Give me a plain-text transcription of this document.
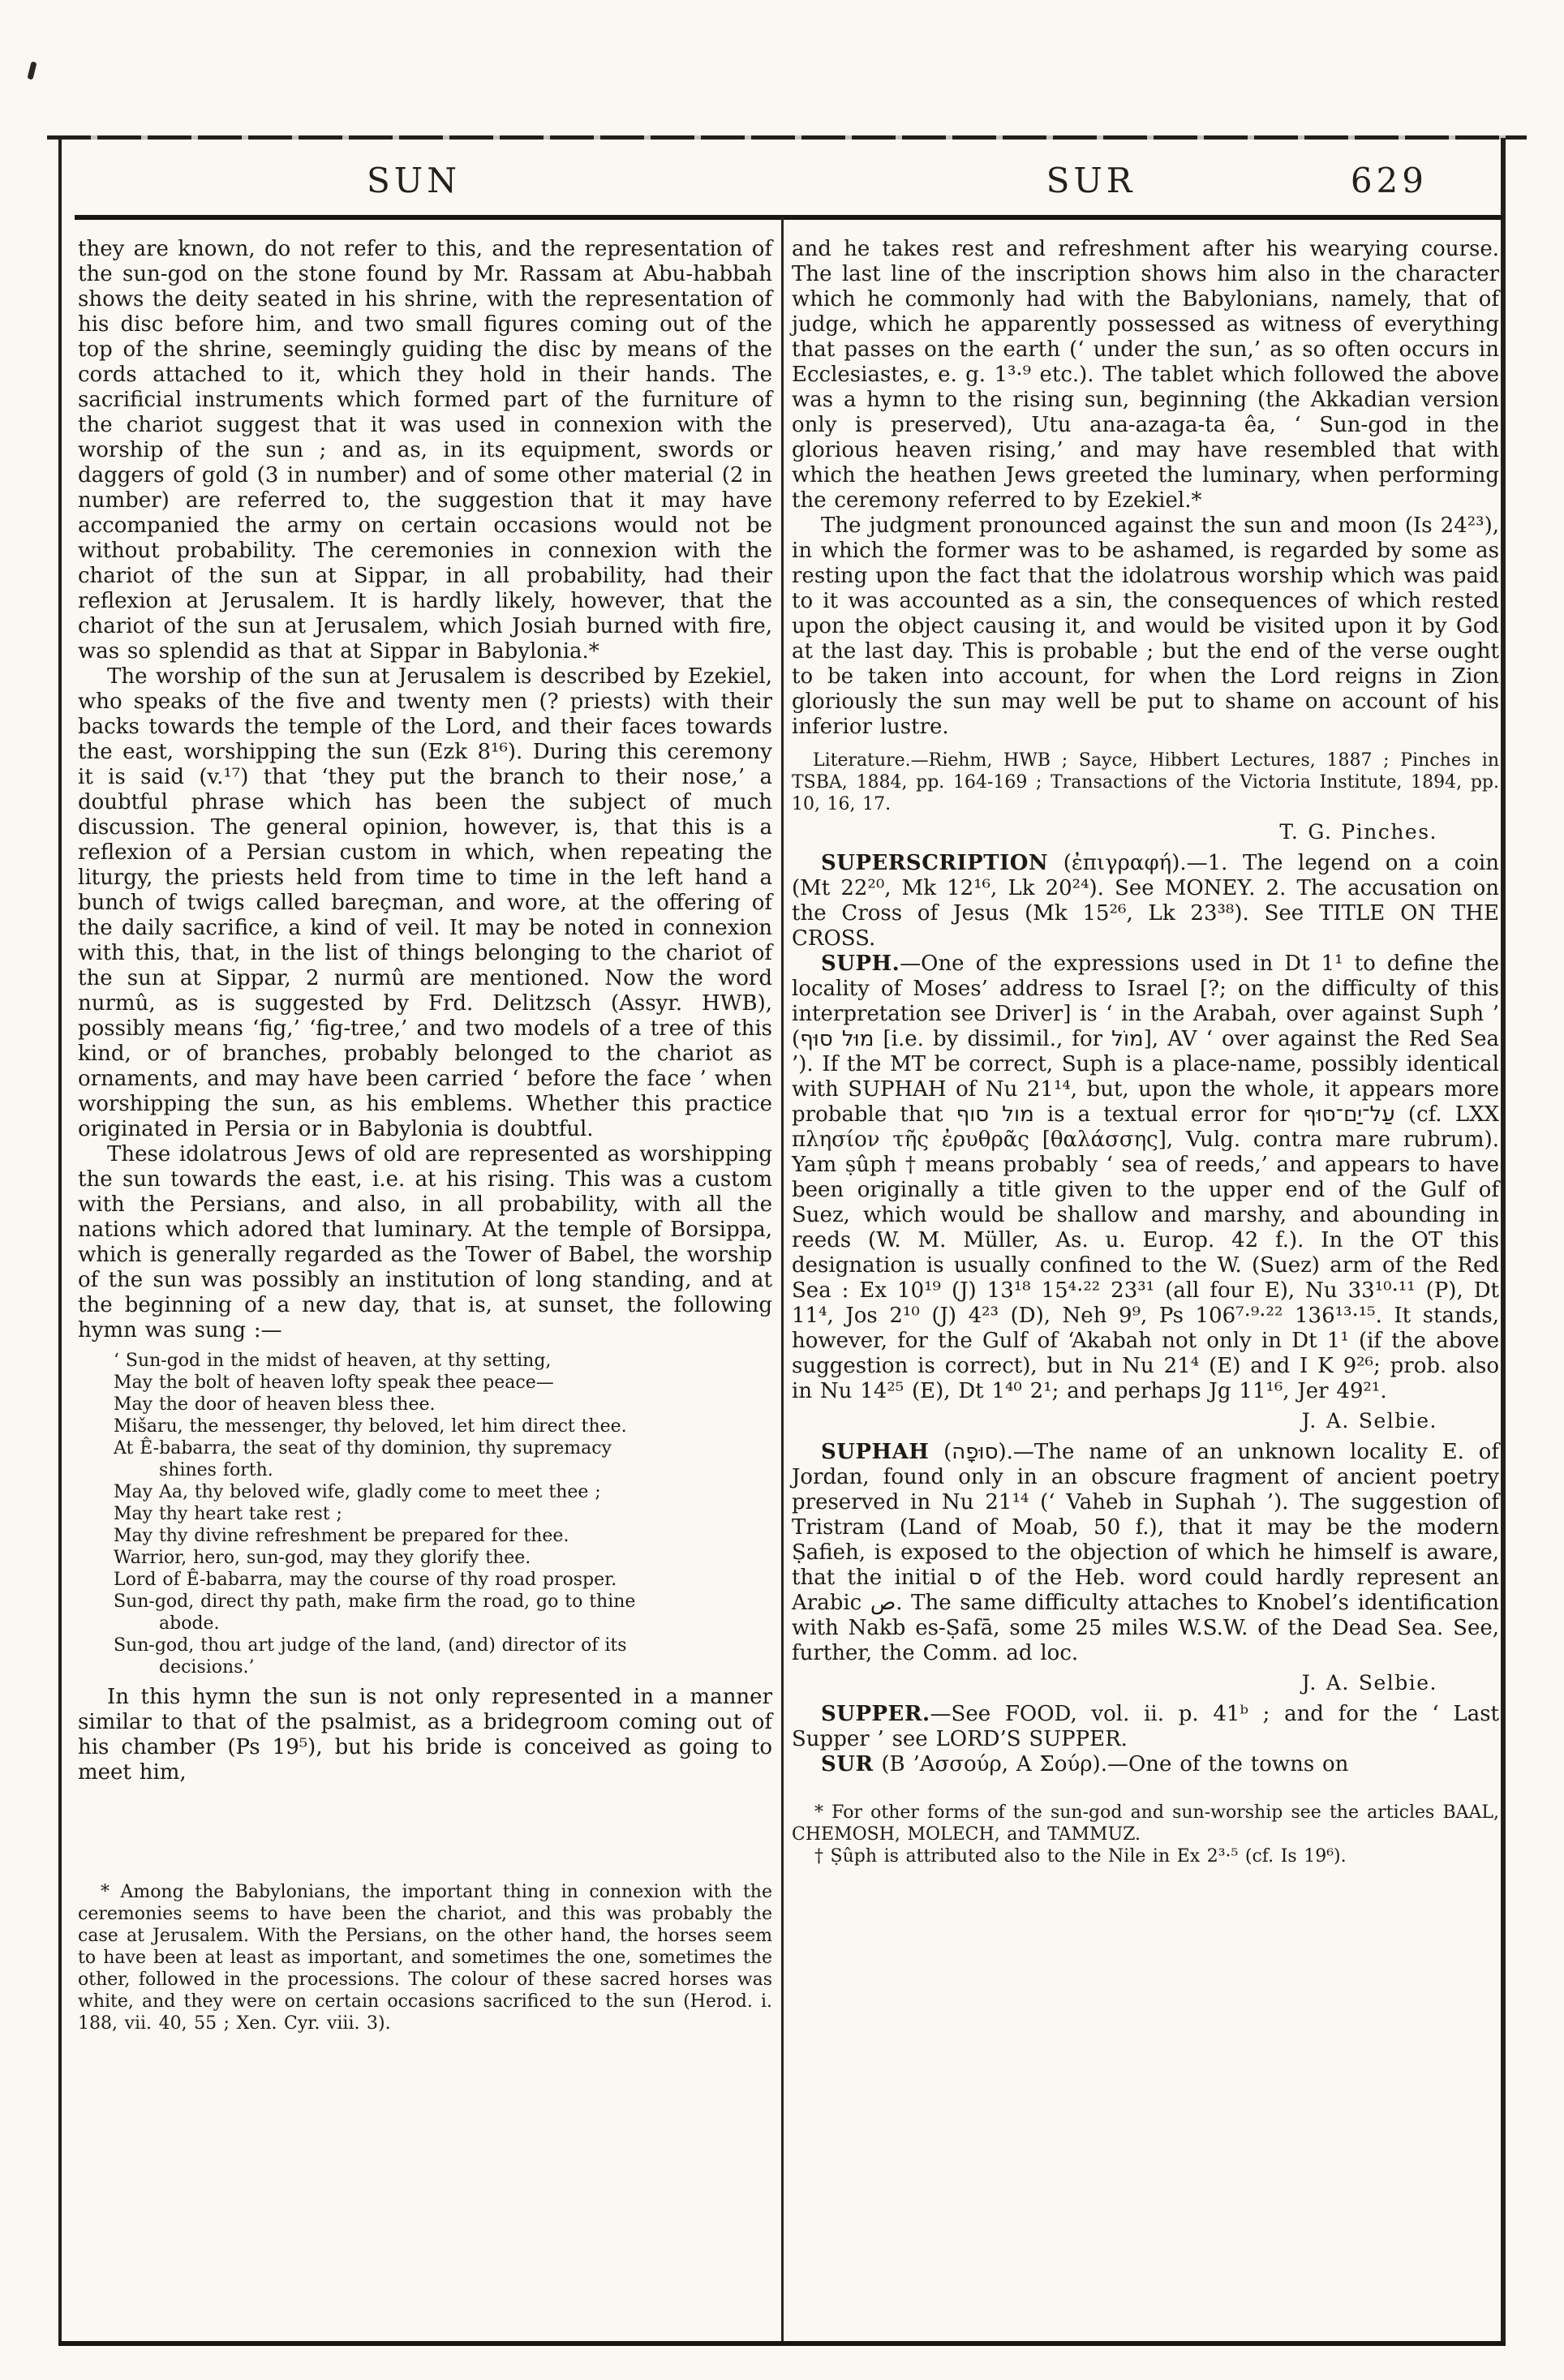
SUN	SUR	629

they are known, do not refer to this, and the representation of the sun-god on the stone found by Mr. Rassam at Abu-habbah shows the deity seated in his shrine, with the representation of his disc before him, and two small figures coming out of the top of the shrine, seemingly guiding the disc by means of the cords attached to it, which they hold in their hands. The sacrificial instruments which formed part of the furniture of the chariot suggest that it was used in connexion with the worship of the sun ; and as, in its equipment, swords or daggers of gold (3 in number) and of some other material (2 in number) are referred to, the suggestion that it may have accompanied the army on certain occasions would not be without probability. The ceremonies in connexion with the chariot of the sun at Sippar, in all probability, had their reflexion at Jerusalem. It is hardly likely, however, that the chariot of the sun at Jerusalem, which Josiah burned with fire, was so splendid as that at Sippar in Babylonia.*

The worship of the sun at Jerusalem is described by Ezekiel, who speaks of the five and twenty men (? priests) with their backs towards the temple of the Lord, and their faces towards the east, worshipping the sun (Ezk 8¹⁶). During this ceremony it is said (v.¹⁷) that ‘they put the branch to their nose,’ a doubtful phrase which has been the subject of much discussion. The general opinion, however, is, that this is a reflexion of a Persian custom in which, when repeating the liturgy, the priests held from time to time in the left hand a bunch of twigs called bareçman, and wore, at the offering of the daily sacrifice, a kind of veil. It may be noted in connexion with this, that, in the list of things belonging to the chariot of the sun at Sippar, 2 nurmû are mentioned. Now the word nurmû, as is suggested by Frd. Delitzsch (Assyr. HWB), possibly means ‘fig,’ ‘fig-tree,’ and two models of a tree of this kind, or of branches, probably belonged to the chariot as ornaments, and may have been carried ‘ before the face ’ when worshipping the sun, as his emblems. Whether this practice originated in Persia or in Babylonia is doubtful.

These idolatrous Jews of old are represented as worshipping the sun towards the east, i.e. at his rising. This was a custom with the Persians, and also, in all probability, with all the nations which adored that luminary. At the temple of Borsippa, which is generally regarded as the Tower of Babel, the worship of the sun was possibly an institution of long standing, and at the beginning of a new day, that is, at sunset, the following hymn was sung :—

‘ Sun-god in the midst of heaven, at thy setting,
May the bolt of heaven lofty speak thee peace—
May the door of heaven bless thee.
Mišaru, the messenger, thy beloved, let him direct thee.
At Ê-babarra, the seat of thy dominion, thy supremacy
shines forth.
May Aa, thy beloved wife, gladly come to meet thee ;
May thy heart take rest ;
May thy divine refreshment be prepared for thee.
Warrior, hero, sun-god, may they glorify thee.
Lord of Ê-babarra, may the course of thy road prosper.
Sun-god, direct thy path, make firm the road, go to thine
abode.
Sun-god, thou art judge of the land, (and) director of its
decisions.’

In this hymn the sun is not only represented in a manner similar to that of the psalmist, as a bridegroom coming out of his chamber (Ps 19⁵), but his bride is conceived as going to meet him,

* Among the Babylonians, the important thing in connexion with the ceremonies seems to have been the chariot, and this was probably the case at Jerusalem. With the Persians, on the other hand, the horses seem to have been at least as important, and sometimes the one, sometimes the other, followed in the processions. The colour of these sacred horses was white, and they were on certain occasions sacrificed to the sun (Herod. i. 188, vii. 40, 55 ; Xen. Cyr. viii. 3).

and he takes rest and refreshment after his wearying course. The last line of the inscription shows him also in the character which he commonly had with the Babylonians, namely, that of judge, which he apparently possessed as witness of everything that passes on the earth (‘ under the sun,’ as so often occurs in Ecclesiastes, e. g. 1³·⁹ etc.). The tablet which followed the above was a hymn to the rising sun, beginning (the Akkadian version only is preserved), Utu ana-azaga-ta êa, ‘ Sun-god in the glorious heaven rising,’ and may have resembled that with which the heathen Jews greeted the luminary, when performing the ceremony referred to by Ezekiel.*

The judgment pronounced against the sun and moon (Is 24²³), in which the former was to be ashamed, is regarded by some as resting upon the fact that the idolatrous worship which was paid to it was accounted as a sin, the consequences of which rested upon the object causing it, and would be visited upon it by God at the last day. This is probable ; but the end of the verse ought to be taken into account, for when the Lord reigns in Zion gloriously the sun may well be put to shame on account of his inferior lustre.

Literature.—Riehm, HWB ; Sayce, Hibbert Lectures, 1887 ; Pinches in TSBA, 1884, pp. 164-169 ; Transactions of the Victoria Institute, 1894, pp. 10, 16, 17.

T. G. Pinches.

SUPERSCRIPTION (ἐπιγραφή).—1. The legend on a coin (Mt 22²⁰, Mk 12¹⁶, Lk 20²⁴). See MONEY. 2. The accusation on the Cross of Jesus (Mk 15²⁶, Lk 23³⁸). See TITLE ON THE CROSS.

SUPH.—One of the expressions used in Dt 1¹ to define the locality of Moses’ address to Israel [?; on the difficulty of this interpretation see Driver] is ‘ in the Arabah, over against Suph ’ (מוּל סוּף [i.e. by dissimil., for מוֹל], AV ‘ over against the Red Sea ’). If the MT be correct, Suph is a place-name, possibly identical with SUPHAH of Nu 21¹⁴, but, upon the whole, it appears more probable that מול סוף is a textual error for עַל־יַם־סוּף (cf. LXX πλησίον τῆς ἐρυθρᾶς [θαλάσσης], Vulg. contra mare rubrum). Yam ṣûph † means probably ‘ sea of reeds,’ and appears to have been originally a title given to the upper end of the Gulf of Suez, which would be shallow and marshy, and abounding in reeds (W. M. Müller, As. u. Europ. 42 f.). In the OT this designation is usually confined to the W. (Suez) arm of the Red Sea : Ex 10¹⁹ (J) 13¹⁸ 15⁴·²² 23³¹ (all four E), Nu 33¹⁰·¹¹ (P), Dt 11⁴, Jos 2¹⁰ (J) 4²³ (D), Neh 9⁹, Ps 106⁷·⁹·²² 136¹³·¹⁵. It stands, however, for the Gulf of ‘Akabah not only in Dt 1¹ (if the above suggestion is correct), but in Nu 21⁴ (E) and I K 9²⁶; prob. also in Nu 14²⁵ (E), Dt 1⁴⁰ 2¹; and perhaps Jg 11¹⁶, Jer 49²¹.

J. A. Selbie.

SUPHAH (סוּפָה).—The name of an unknown locality E. of Jordan, found only in an obscure fragment of ancient poetry preserved in Nu 21¹⁴ (‘ Vaheb in Suphah ’). The suggestion of Tristram (Land of Moab, 50 f.), that it may be the modern Ṣafieh, is exposed to the objection of which he himself is aware, that the initial ס of the Heb. word could hardly represent an Arabic ص. The same difficulty attaches to Knobel’s identification with Nakb es-Ṣafā, some 25 miles W.S.W. of the Dead Sea. See, further, the Comm. ad loc.

J. A. Selbie.

SUPPER.—See FOOD, vol. ii. p. 41ᵇ ; and for the ‘ Last Supper ’ see LORD’S SUPPER.

SUR (B ’Ασσούρ, A Σούρ).—One of the towns on

* For other forms of the sun-god and sun-worship see the articles BAAL, CHEMOSH, MOLECH, and TAMMUZ.
† Ṣûph is attributed also to the Nile in Ex 2³·⁵ (cf. Is 19⁶).
